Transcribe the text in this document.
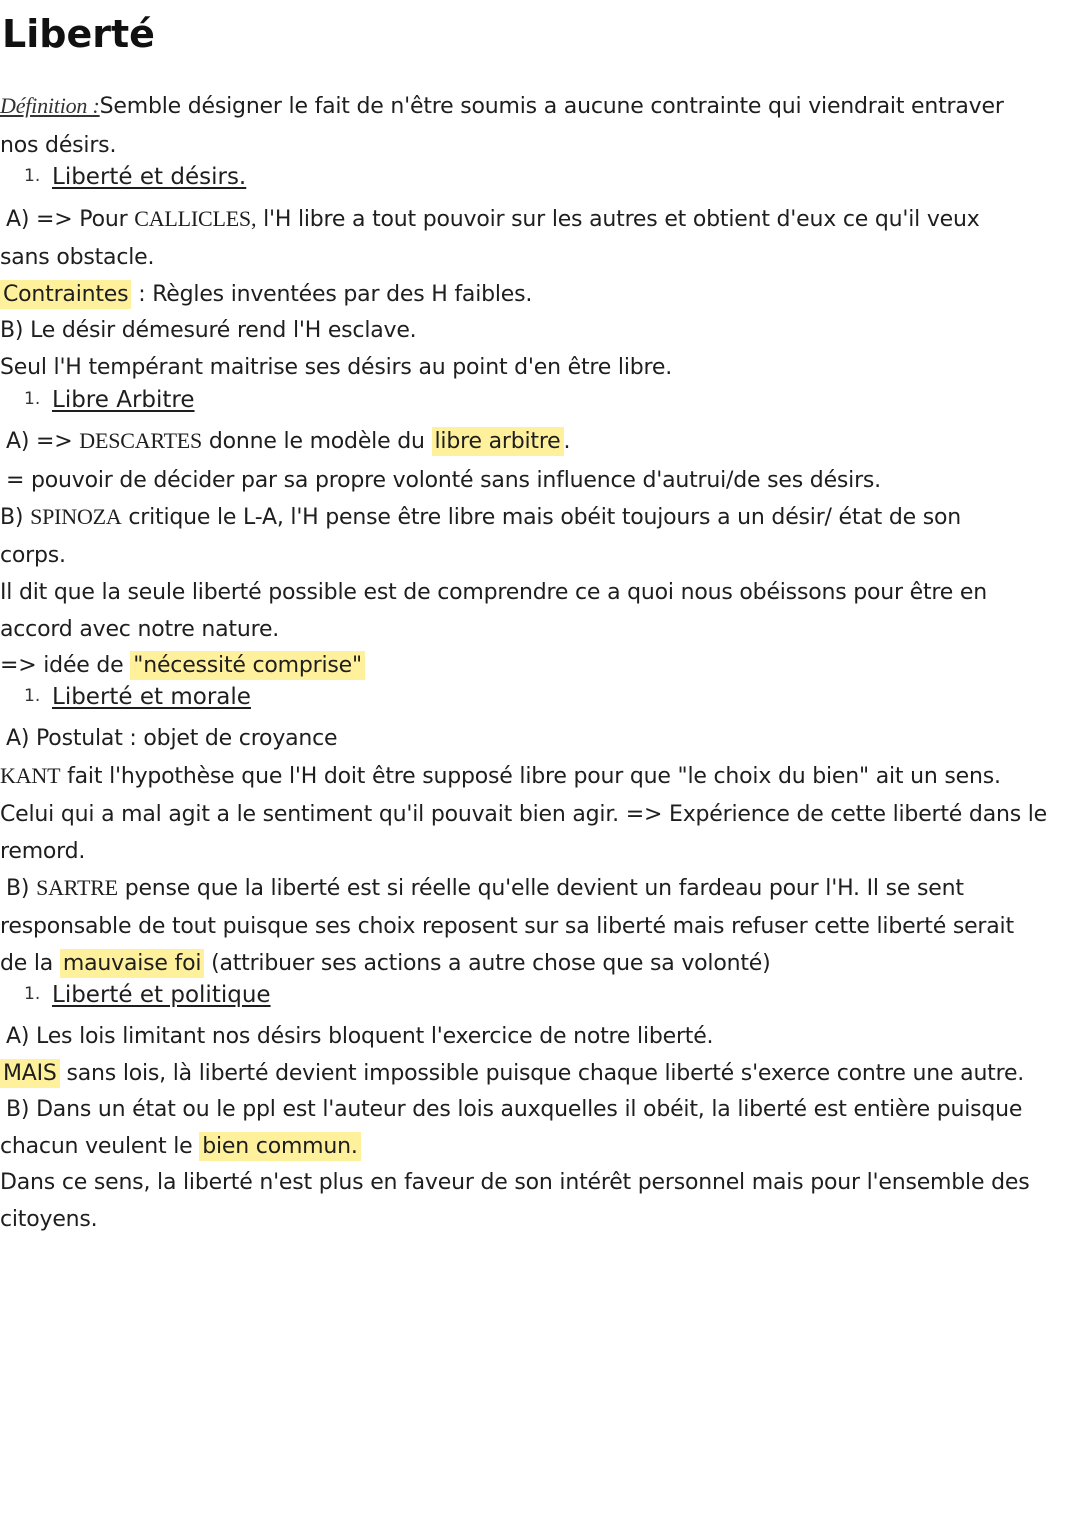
Liberté
Définition :Semble désigner le fait de n'être soumis a aucune contrainte qui viendrait entraver
nos désirs.
1. Liberté et désirs.
A) => Pour CALLICLES, l'H libre a tout pouvoir sur les autres et obtient d'eux ce qu'il veux
sans obstacle.
Contraintes : Règles inventées par des H faibles.
B) Le désir démesuré rend l'H esclave.
Seul l'H tempérant maitrise ses désirs au point d'en être libre.
1. Libre Arbitre
A) => DESCARTES donne le modèle du libre arbitre .
= pouvoir de décider par sa propre volonté sans influence d'autrui/de ses désirs.
B) SPINOZA critique le L-A, l'H pense être libre mais obéit toujours a un désir/ état de son
corps.
Il dit que la seule liberté possible est de comprendre ce a quoi nous obéissons pour être en
accord avec notre nature.
=> idée de "nécessité comprise"
1. Liberté et morale
A) Postulat : objet de croyance
KANT fait l'hypothèse que l'H doit être supposé libre pour que "le choix du bien" ait un sens.
Celui qui a mal agit a le sentiment qu'il pouvait bien agir. => Expérience de cette liberté dans le
remord.
B) SARTRE pense que la liberté est si réelle qu'elle devient un fardeau pour l'H. Il se sent
responsable de tout puisque ses choix reposent sur sa liberté mais refuser cette liberté serait
de la mauvaise foi (attribuer ses actions a autre chose que sa volonté)
1. Liberté et politique
A) Les lois limitant nos désirs bloquent l'exercice de notre liberté.
MAIS sans lois, là liberté devient impossible puisque chaque liberté s'exerce contre une autre.
B) Dans un état ou le ppl est l'auteur des lois auxquelles il obéit, la liberté est entière puisque
chacun veulent le bien commun.
Dans ce sens, la liberté n'est plus en faveur de son intérêt personnel mais pour l'ensemble des
citoyens.
